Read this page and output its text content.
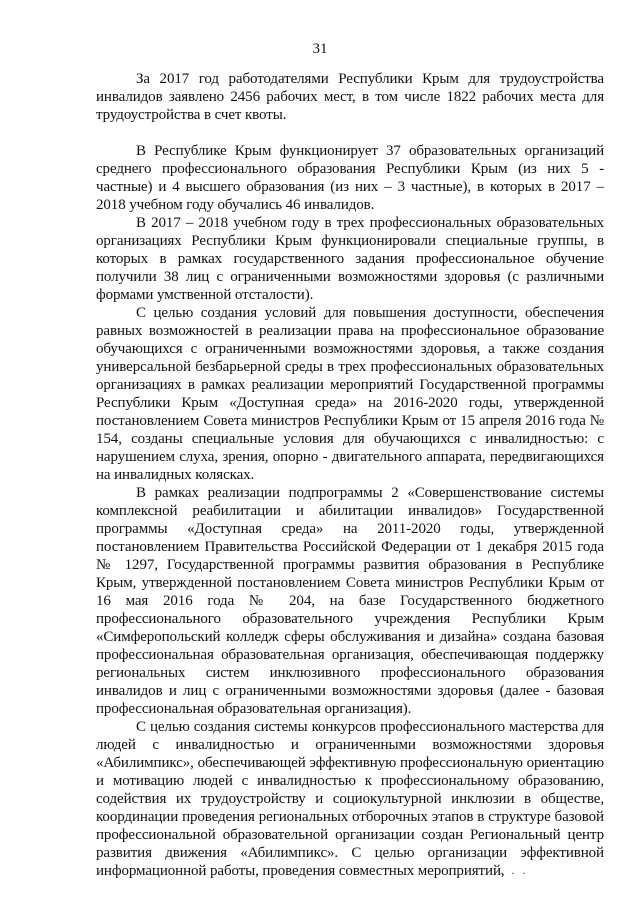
31

За 2017 год работодателями Республики Крым для трудоустройства инвалидов заявлено 2456 рабочих мест, в том числе 1822 рабочих места для трудоустройства в счет квоты.

В Республике Крым функционирует 37 образовательных организаций среднего профессионального образования Республики Крым (из них 5 - частные) и 4 высшего образования (из них – 3 частные), в которых в 2017 – 2018 учебном году обучались 46 инвалидов.

В 2017 – 2018 учебном году в трех профессиональных образовательных организациях Республики Крым функционировали специальные группы, в которых в рамках государственного задания профессиональное обучение получили 38 лиц с ограниченными возможностями здоровья (с различными формами умственной отсталости).

С целью создания условий для повышения доступности, обеспечения равных возможностей в реализации права на профессиональное образование обучающихся с ограниченными возможностями здоровья, а также создания универсальной безбарьерной среды в трех профессиональных образовательных организациях в рамках реализации мероприятий Государственной программы Республики Крым «Доступная среда» на 2016-2020 годы, утвержденной постановлением Совета министров Республики Крым от 15 апреля 2016 года № 154, созданы специальные условия для обучающихся с инвалидностью: с нарушением слуха, зрения, опорно - двигательного аппарата, передвигающихся на инвалидных колясках.

В рамках реализации подпрограммы 2 «Совершенствование системы комплексной реабилитации и абилитации инвалидов» Государственной программы «Доступная среда» на 2011-2020 годы, утвержденной постановлением Правительства Российской Федерации от 1 декабря 2015 года № 1297, Государственной программы развития образования в Республике Крым, утвержденной постановлением Совета министров Республики Крым от 16 мая 2016 года № 204, на базе Государственного бюджетного профессионального образовательного учреждения Республики Крым «Симферопольский колледж сферы обслуживания и дизайна» создана базовая профессиональная образовательная организация, обеспечивающая поддержку региональных систем инклюзивного профессионального образования инвалидов и лиц с ограниченными возможностями здоровья (далее - базовая профессиональная образовательная организация).

С целью создания системы конкурсов профессионального мастерства для людей с инвалидностью и ограниченными возможностями здоровья «Абилимпикс», обеспечивающей эффективную профессиональную ориентацию и мотивацию людей с инвалидностью к профессиональному образованию, содействия их трудоустройству и социокультурной инклюзии в обществе, координации проведения региональных отборочных этапов в структуре базовой профессиональной образовательной организации создан Региональный центр развития движения «Абилимпикс». С целью организации эффективной информационной работы, проведения совместных мероприятий,

· · ·
